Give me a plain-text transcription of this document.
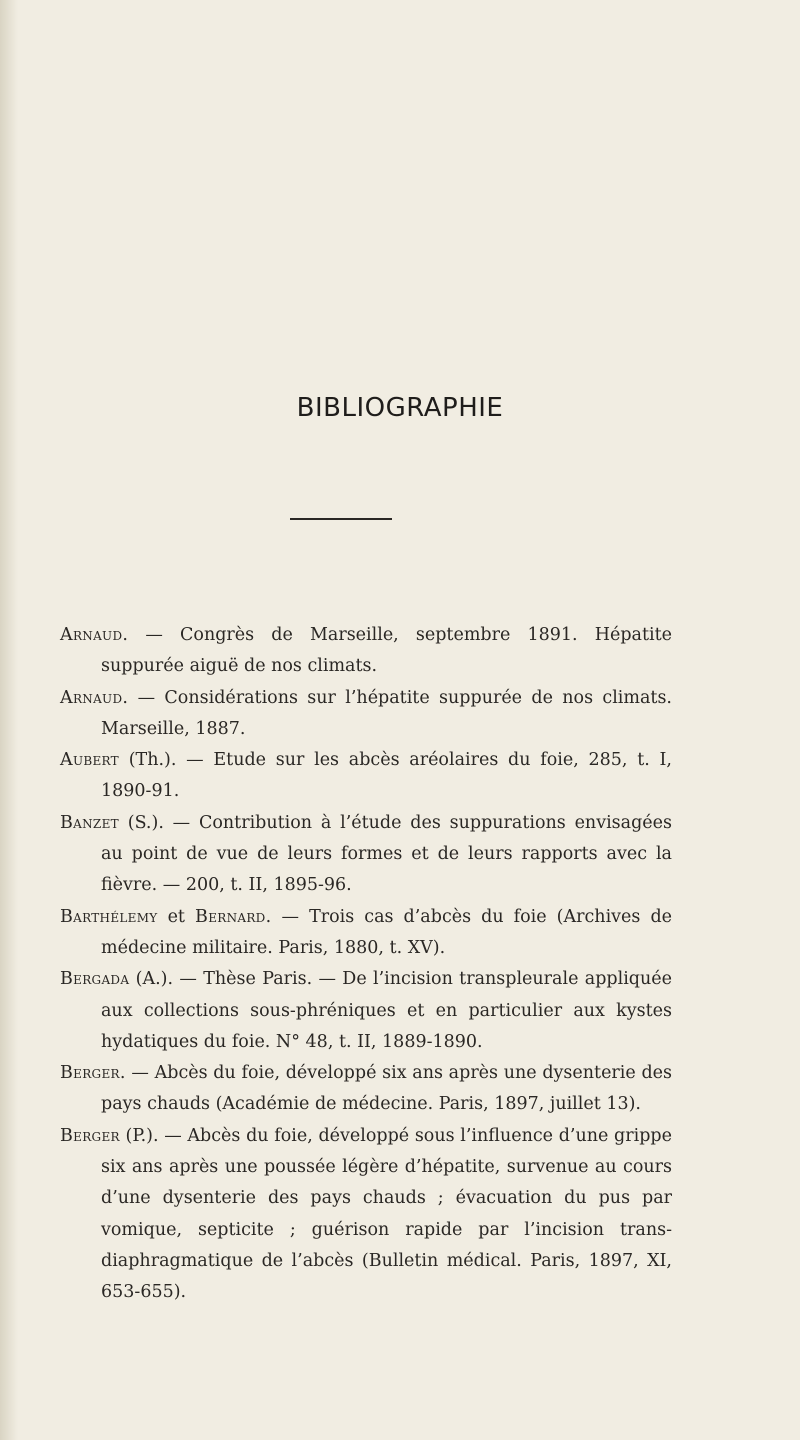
BIBLIOGRAPHIE

Arnaud. — Congrès de Marseille, septembre 1891. Hépatite suppurée aiguë de nos climats.

Arnaud. — Considérations sur l’hépatite suppurée de nos climats. Marseille, 1887.

Aubert (Th.). — Etude sur les abcès aréolaires du foie, 285, t. I, 1890-91.

Banzet (S.). — Contribution à l’étude des suppurations envisagées au point de vue de leurs formes et de leurs rapports avec la fièvre. — 200, t. II, 1895-96.

Barthélemy et Bernard. — Trois cas d’abcès du foie (Archives de médecine militaire. Paris, 1880, t. XV).

Bergada (A.). — Thèse Paris. — De l’incision transpleurale appliquée aux collections sous-phréniques et en particulier aux kystes hydatiques du foie. N° 48, t. II, 1889-1890.

Berger. — Abcès du foie, développé six ans après une dysenterie des pays chauds (Académie de médecine. Paris, 1897, juillet 13).

Berger (P.). — Abcès du foie, développé sous l’influence d’une grippe six ans après une poussée légère d’hépatite, survenue au cours d’une dysenterie des pays chauds ; évacuation du pus par vomique, septicite ; guérison rapide par l’incision trans-diaphragmatique de l’abcès (Bulletin médical. Paris, 1897, XI, 653-655).
